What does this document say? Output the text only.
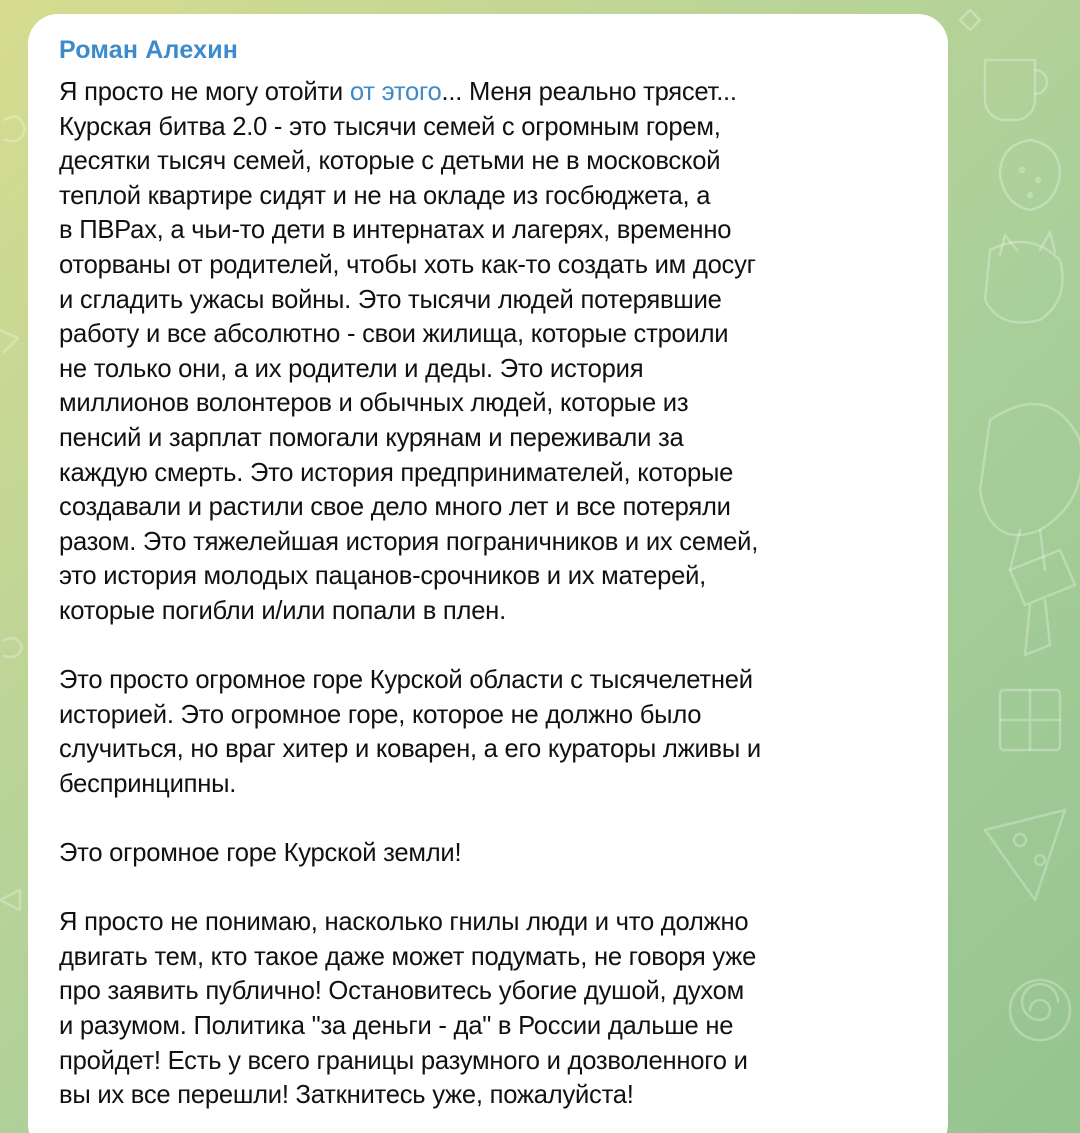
Роман Алехин

Я просто не могу отойти от этого... Меня реально трясет...

Курская битва 2.0 - это тысячи семей с огромным горем,

десятки тысяч семей, которые с детьми не в московской

теплой квартире сидят и не на окладе из госбюджета, а

в ПВРах, а чьи-то дети в интернатах и лагерях, временно

оторваны от родителей, чтобы хоть как-то создать им досуг

и сгладить ужасы войны. Это тысячи людей потерявшие

работу и все абсолютно - свои жилища, которые строили

не только они, а их родители и деды. Это история

миллионов волонтеров и обычных людей, которые из

пенсий и зарплат помогали курянам и переживали за

каждую смерть. Это история предпринимателей, которые

создавали и растили свое дело много лет и все потеряли

разом. Это тяжелейшая история пограничников и их семей,

это история молодых пацанов-срочников и их матерей,

которые погибли и/или попали в плен.

Это просто огромное горе Курской области с тысячелетней

историей. Это огромное горе, которое не должно было

случиться, но враг хитер и коварен, а его кураторы лживы и

беспринципны.

Это огромное горе Курской земли!

Я просто не понимаю, насколько гнилы люди и что должно

двигать тем, кто такое даже может подумать, не говоря уже

про заявить публично! Остановитесь убогие душой, духом

и разумом. Политика "за деньги - да" в России дальше не

пройдет! Есть у всего границы разумного и дозволенного и

вы их все перешли! Заткнитесь уже, пожалуйста!
